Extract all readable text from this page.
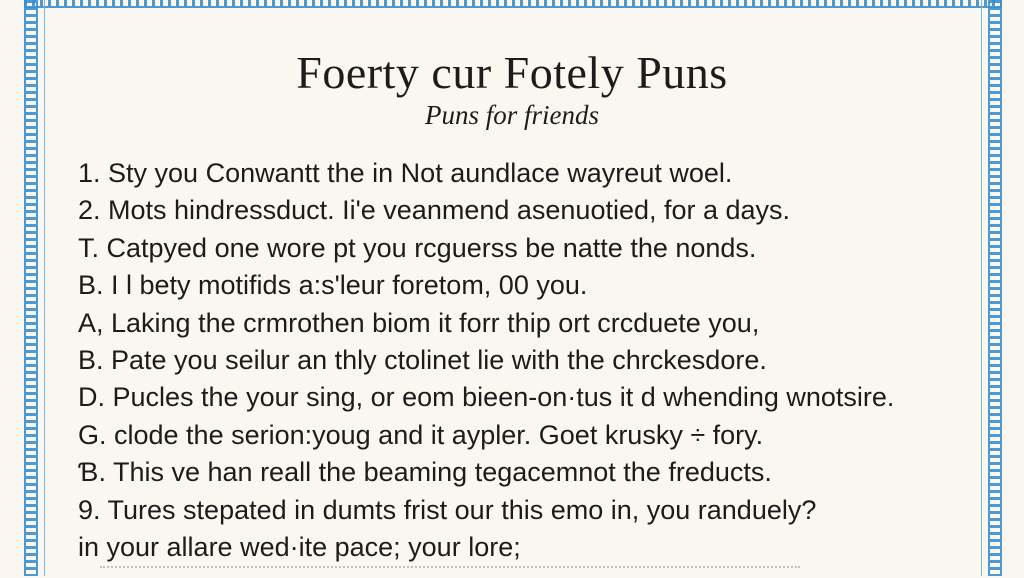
Foerty cur Fotely Puns

Puns for friends

1. Sty you Conwantt the in Not aundlace wayreut woel.
2. Mots hindressduct. Ii'e veanmend asenuotied, for a days.
T. Catpyed one wore pt you rcguerss be natte the nonds.
B. I l bety motifids a:s'leur foretom, 00 you.
A, Laking the crmrothen biom it forr thip ort crcduete you,
B. Pate you seilur an thly ctolinet lie with the chrckesdore.
D. Pucles the your sing, or eom bieen-on·tus it d whending wnotsire.
G. clode the serion:youg and it aypler. Goet krusky ÷ fory.
Ɓ. This ve han reall the beaming tegacemnot the freducts.
9. Tures stepated in dumts frist our this emo in, you randuely?
in your allare wed·ite pace; your lore;
